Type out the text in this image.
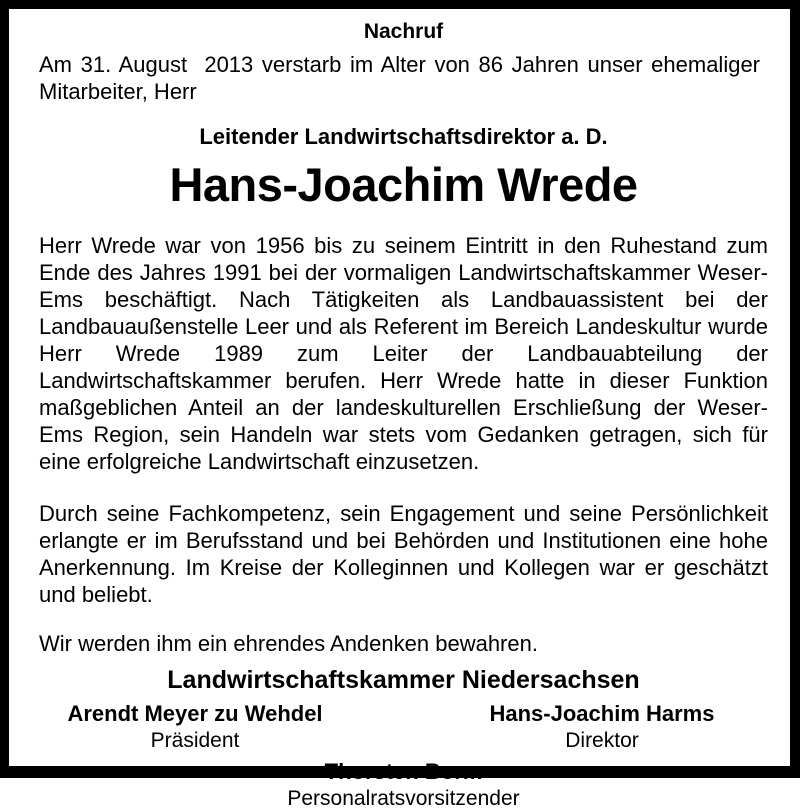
Nachruf
Am 31. August  2013 verstarb im Alter von 86 Jahren unser ehemaliger Mitarbeiter, Herr
Leitender Landwirtschaftsdirektor a. D.
Hans-Joachim Wrede

Herr Wrede war von 1956 bis zu seinem Eintritt in den Ruhestand zum Ende des Jahres 1991 bei der vormaligen Landwirtschaftskammer Weser-Ems beschäftigt. Nach Tätigkeiten als Landbauassistent bei der Landbauaußenstelle Leer und als Referent im Bereich Landeskultur wurde Herr Wrede 1989 zum Leiter der Landbauabteilung der Landwirtschaftskammer berufen. Herr Wrede hatte in dieser Funktion maßgeblichen Anteil an der landeskulturellen Erschließung der Weser-Ems Region, sein Handeln war stets vom Gedanken getragen, sich für eine erfolgreiche Landwirtschaft einzusetzen.

Durch seine Fachkompetenz, sein Engagement und seine Persönlichkeit erlangte er im Berufsstand und bei Behörden und Institutionen eine hohe Anerkennung. Im Kreise der Kolleginnen und Kollegen war er geschätzt und beliebt.

Wir werden ihm ein ehrendes Andenken bewahren.

Landwirtschaftskammer Niedersachsen
Arendt Meyer zu Wehdel
Präsident
Hans-Joachim Harms
Direktor
Thorsten Borm
Personalratsvorsitzender
